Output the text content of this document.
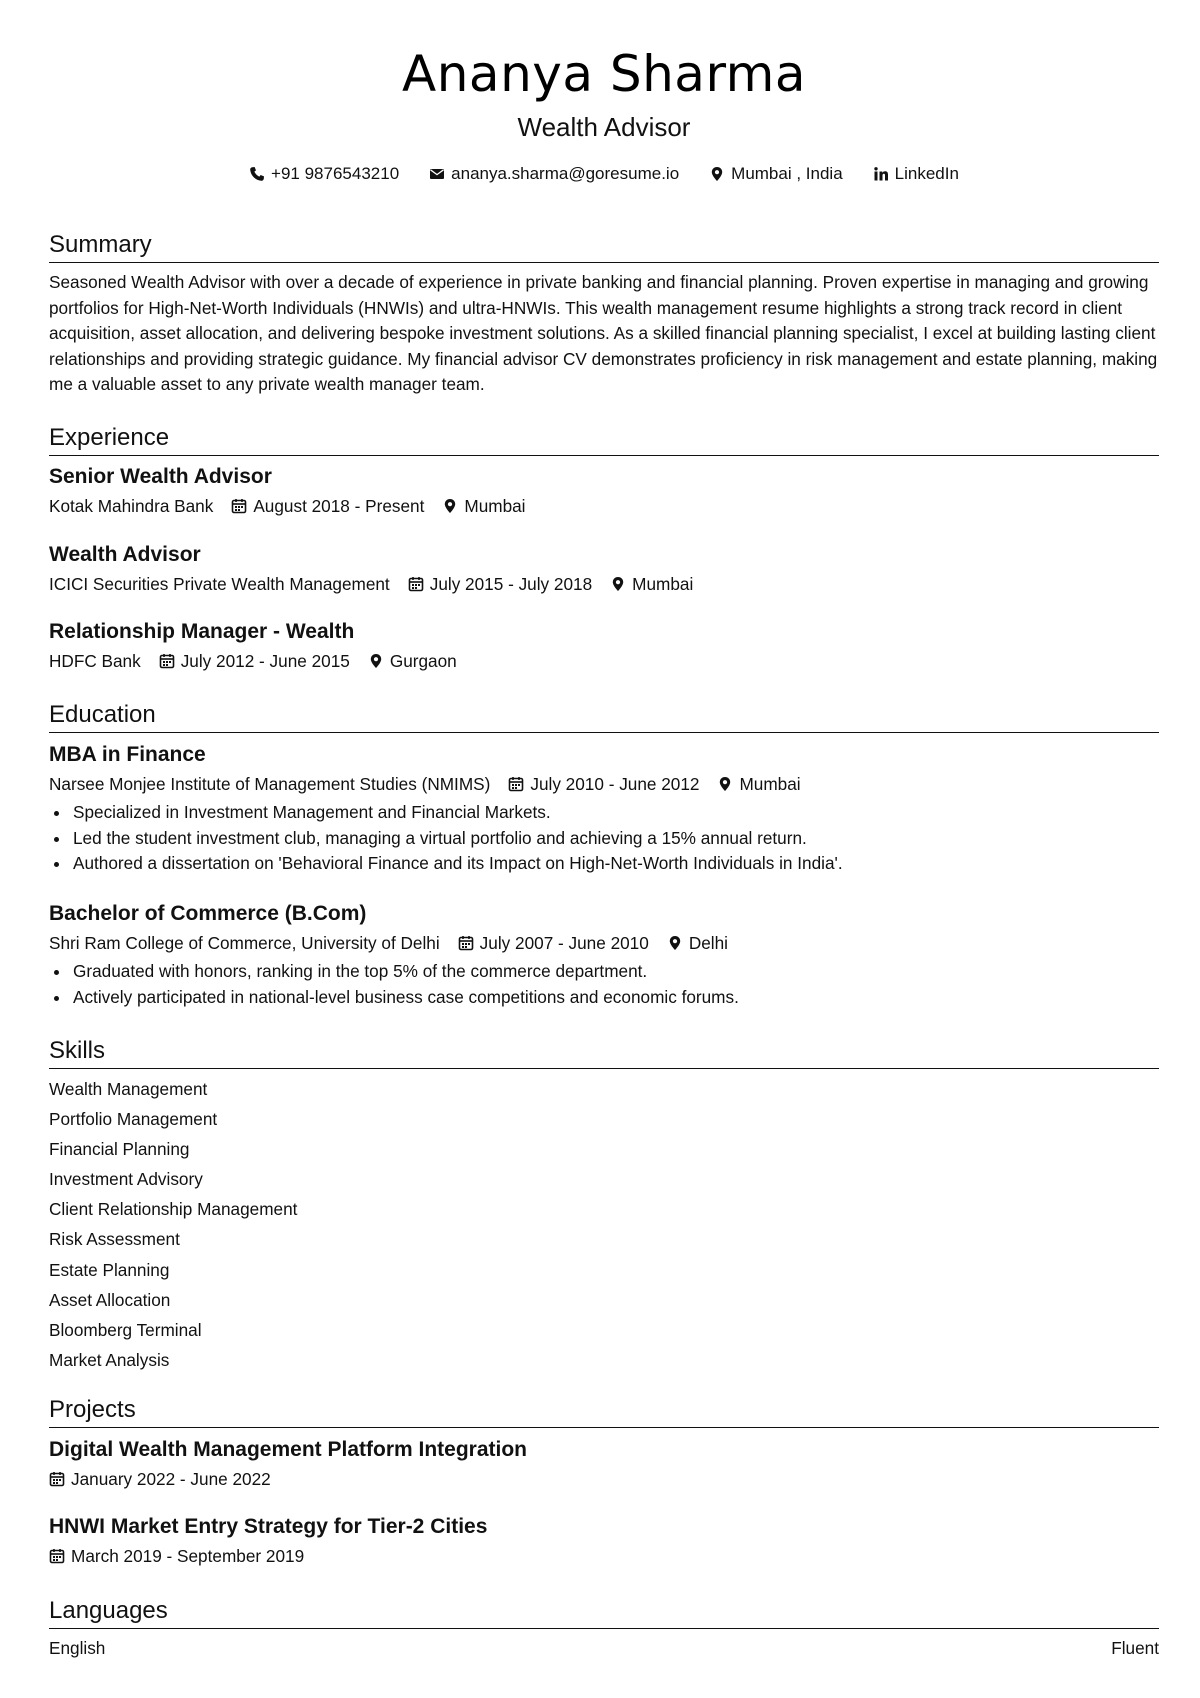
Ananya Sharma
Wealth Advisor
+91 9876543210	ananya.sharma@goresume.io	Mumbai , India	LinkedIn
Summary
Seasoned Wealth Advisor with over a decade of experience in private banking and financial planning. Proven expertise in managing and growing portfolios for High-Net-Worth Individuals (HNWIs) and ultra-HNWIs. This wealth management resume highlights a strong track record in client acquisition, asset allocation, and delivering bespoke investment solutions. As a skilled financial planning specialist, I excel at building lasting client relationships and providing strategic guidance. My financial advisor CV demonstrates proficiency in risk management and estate planning, making me a valuable asset to any private wealth manager team.
Experience
Senior Wealth Advisor
Kotak Mahindra Bank August 2018 - Present Mumbai
Wealth Advisor
ICICI Securities Private Wealth Management July 2015 - July 2018 Mumbai
Relationship Manager - Wealth
HDFC Bank July 2012 - June 2015 Gurgaon
Education
MBA in Finance
Narsee Monjee Institute of Management Studies (NMIMS) July 2010 - June 2012 Mumbai
Specialized in Investment Management and Financial Markets.
Led the student investment club, managing a virtual portfolio and achieving a 15% annual return.
Authored a dissertation on 'Behavioral Finance and its Impact on High-Net-Worth Individuals in India'.
Bachelor of Commerce (B.Com)
Shri Ram College of Commerce, University of Delhi July 2007 - June 2010 Delhi
Graduated with honors, ranking in the top 5% of the commerce department.
Actively participated in national-level business case competitions and economic forums.
Skills
Wealth Management
Portfolio Management
Financial Planning
Investment Advisory
Client Relationship Management
Risk Assessment
Estate Planning
Asset Allocation
Bloomberg Terminal
Market Analysis
Projects
Digital Wealth Management Platform Integration
January 2022 - June 2022
HNWI Market Entry Strategy for Tier-2 Cities
March 2019 - September 2019
Languages
English	Fluent
